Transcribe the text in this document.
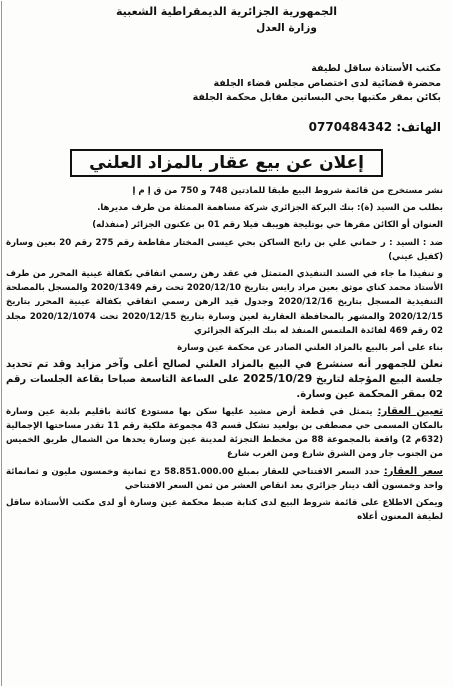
الجمهورية الجزائرية الديمقراطية الشعبية
وزارة العدل
مكتب الأستاذة ساقل لطيفة
محضرة قضائية لدى اختصاص مجلس قضاء الجلفة
بكائن بمقر مكتبها بحي البساتين مقابل محكمة الجلفة
الهاتف: 0770484342
إعلان عن بيع عقار بالمزاد العلني

نشر مستخرج من قائمة شروط البيع طبقا للمادتين 748 و 750 من ق إ م إ

بطلب من السيد (ة): بنك البركة الجزائري شركة مساهمة الممثلة من طرف مديرها.

العنوان أو الكائن مقرها حي بوتليجة هويبف فيلا رقم 01 بن عكنون الجزائر (منفذله)

ضد : السيد : ر حماني علي بن رابح الساكن بحي عيسى المختار مقاطعة رقم 275 رقم 20 بعين وسارة (كفيل عيني)

و تنفيذا ما جاء في السند التنفيذي المتمثل في عقد رهن رسمي اتفاقي بكفالة عينية المحرر من طرف الأستاذ محمد كناي موثق بعين مراد رايس بتاريخ 2020/12/10 تحت رقم 2020/1349 والمسجل بالمصلحة التنفيذية المسجل بتاريخ 2020/12/16 وجدول قيد الرهن رسمي اتفاقي بكفالة عينية المحرر بتاريخ 2020/12/15 والمشهر بالمحافظة العقارية لعين وسارة بتاريخ 2020/12/15 تحت 2020/12/1074 مجلد 02 رقم 469 لفائدة الملتمس المنفذ له بنك البركة الجزائري

بناء على أمر بالبيع بالمزاد العلني الصادر عن محكمة عين وسارة

نعلن للجمهور أنه سنشرع في البيع بالمزاد العلني لصالح أعلى وآخر مزايد وقد تم تحديد جلسة البيع المؤجلة لتاريخ 2025/10/29 على الساعة التاسعة صباحا بقاعة الجلسات رقم 02 بمقر المحكمة عين وسارة.

تعيين العقار: يتمثل في قطعة أرض مشيد عليها سكن بها مستودع كائنة باقليم بلدية عين وسارة بالمكان المسمى حي مصطفى بن بولعيد تشكل قسم 43 مجموعة ملكية رقم 11 تقدر مساحتها الإجمالية (632م 2) واقعة بالمجموعة 88 من مخطط التجزئة لمدينة عين وسارة يحدها من الشمال طريق الخميس من الجنوب جار ومن الشرق شارع ومن الغرب شارع

سعر العقار: حدد السعر الافتتاحي للعقار بمبلغ 58.851.000.00 دج ثمانية وخمسون مليون و ثمانمائة واحد وخمسون ألف دينار جزائري بعد انقاص العشر من ثمن السعر الافتتاحي

ويمكن الاطلاع على قائمة شروط البيع لدى كتابة ضبط محكمة عين وسارة أو لدى مكتب الأستاذة ساقل لطيفة المعنون أعلاه
